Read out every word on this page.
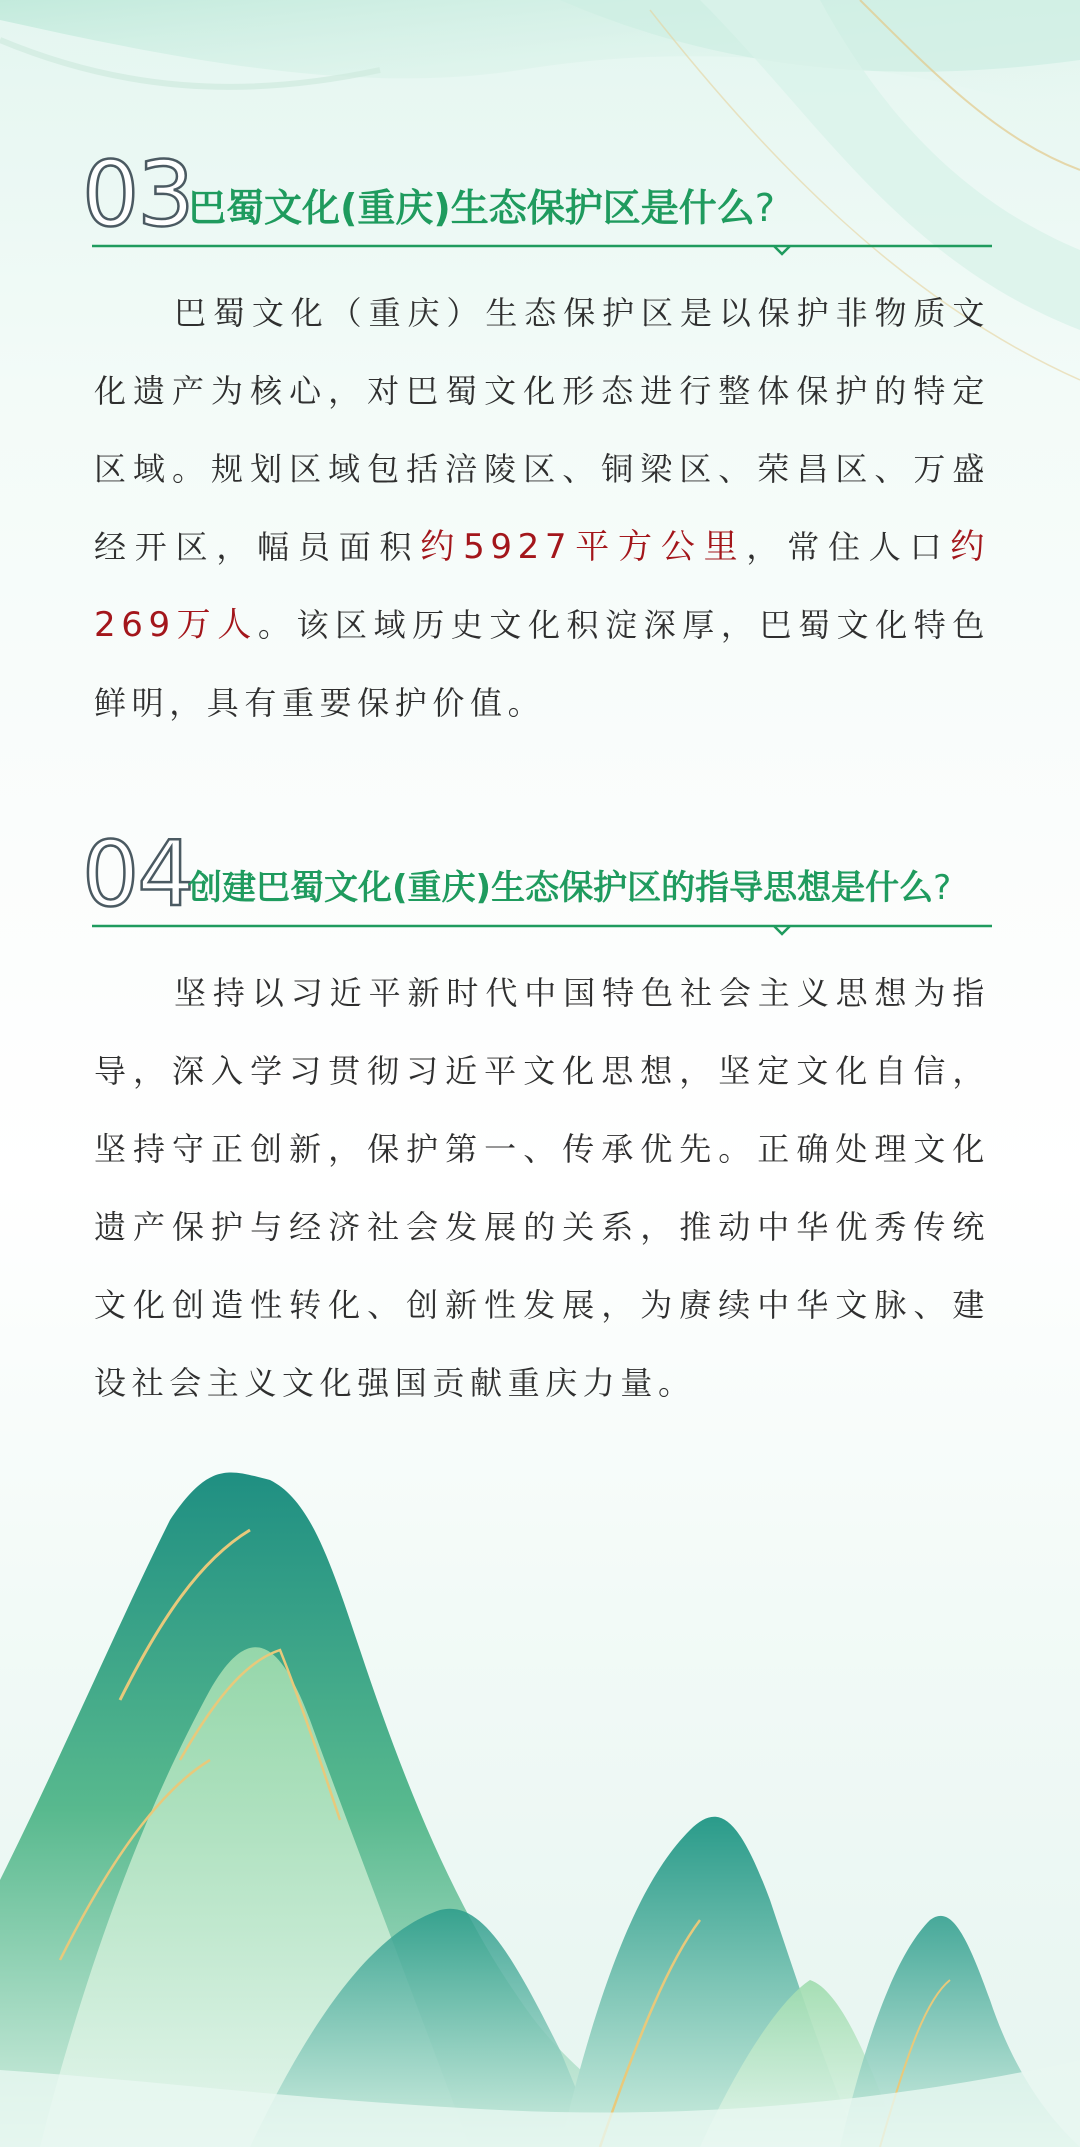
03
巴蜀文化(重庆)生态保护区是什么?

巴蜀文化（重庆）生态保护区是以保护非物质文化遗产为核心，对巴蜀文化形态进行整体保护的特定区域。规划区域包括涪陵区、铜梁区、荣昌区、万盛经开区，幅员面积约5927平方公里，常住人口约269万人。该区域历史文化积淀深厚，巴蜀文化特色鲜明，具有重要保护价值。

04
创建巴蜀文化(重庆)生态保护区的指导思想是什么?

坚持以习近平新时代中国特色社会主义思想为指导，深入学习贯彻习近平文化思想，坚定文化自信，坚持守正创新，保护第一、传承优先。正确处理文化遗产保护与经济社会发展的关系，推动中华优秀传统文化创造性转化、创新性发展，为赓续中华文脉、建设社会主义文化强国贡献重庆力量。
